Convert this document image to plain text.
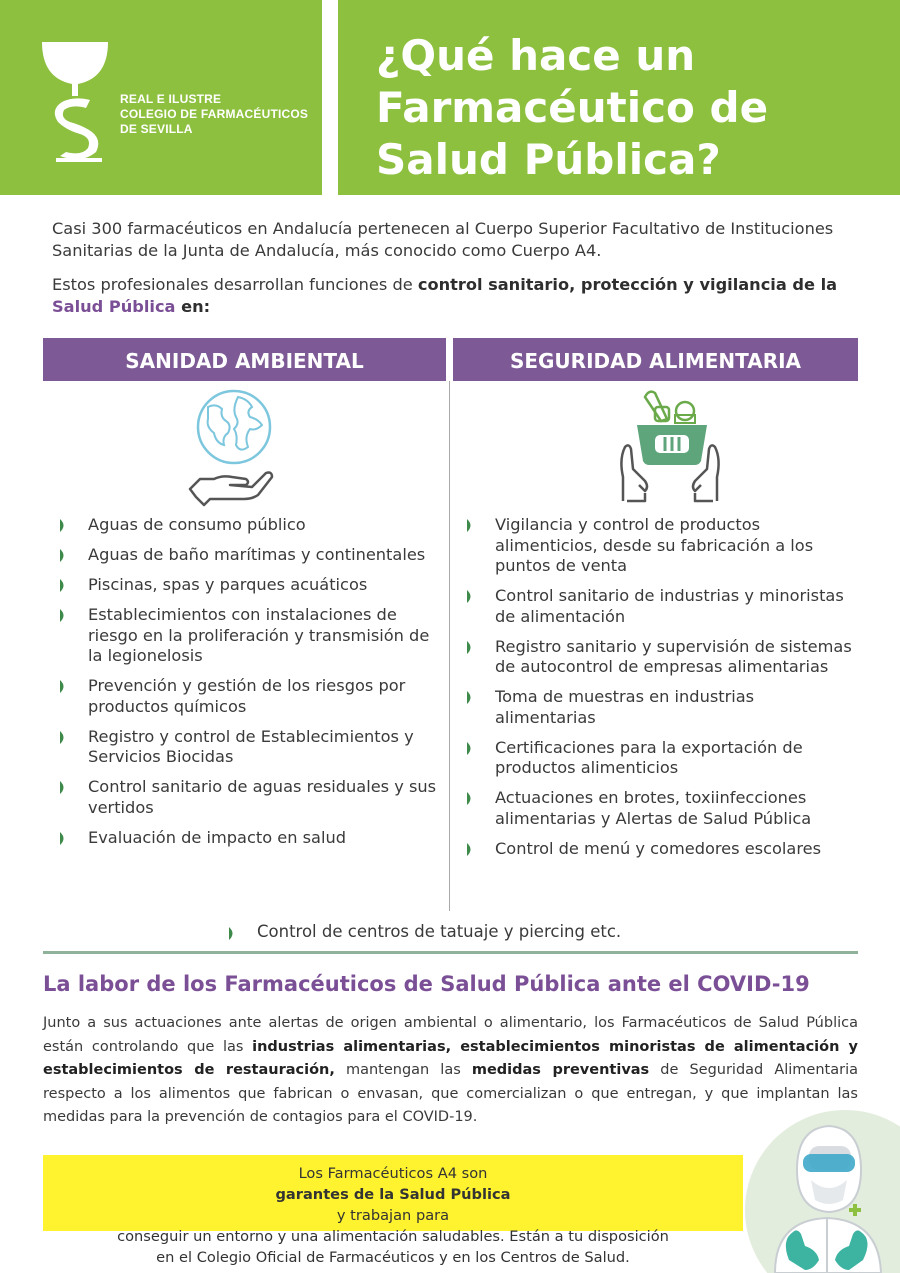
REAL E ILUSTRE
COLEGIO DE FARMACÉUTICOS
DE SEVILLA
¿Qué hace un
Farmacéutico de
Salud Pública?

Casi 300 farmacéuticos en Andalucía pertenecen al Cuerpo Superior Facultativo de Instituciones Sanitarias de la Junta de Andalucía, más conocido como Cuerpo A4.

Estos profesionales desarrollan funciones de control sanitario, protección y vigilancia de la Salud Pública en:

SANIDAD AMBIENTAL	SEGURIDAD ALIMENTARIA
Aguas de consumo público
Aguas de baño marítimas y continentales
Piscinas, spas y parques acuáticos
Establecimientos con instalaciones de riesgo en la proliferación y transmisión de la legionelosis
Prevención y gestión de los riesgos por productos químicos
Registro y control de Establecimientos y Servicios Biocidas
Control sanitario de aguas residuales y sus vertidos
Evaluación de impacto en salud
Vigilancia y control de productos alimenticios, desde su fabricación a los puntos de venta
Control sanitario de industrias y minoristas de alimentación
Registro sanitario y supervisión de sistemas de autocontrol de empresas alimentarias
Toma de muestras en industrias alimentarias
Certificaciones para la exportación de productos alimenticios
Actuaciones en brotes, toxiinfecciones alimentarias y Alertas de Salud Pública
Control de menú y comedores escolares
Control de centros de tatuaje y piercing etc.
La labor de los Farmacéuticos de Salud Pública ante el COVID-19

Junto a sus actuaciones ante alertas de origen ambiental o alimentario, los Farmacéuticos de Salud Pública están controlando que las industrias alimentarias, establecimientos minoristas de alimentación y establecimientos de restauración, mantengan las medidas preventivas de Seguridad Alimentaria respecto a los alimentos que fabrican o envasan, que comercializan o que entregan, y que implantan las medidas para la prevención de contagios para el COVID-19.

Los Farmacéuticos A4 son
garantes de la Salud Pública
y trabajan para
conseguir un entorno y una alimentación saludables. Están a tu disposición
en el Colegio Oficial de Farmacéuticos y en los Centros de Salud.
